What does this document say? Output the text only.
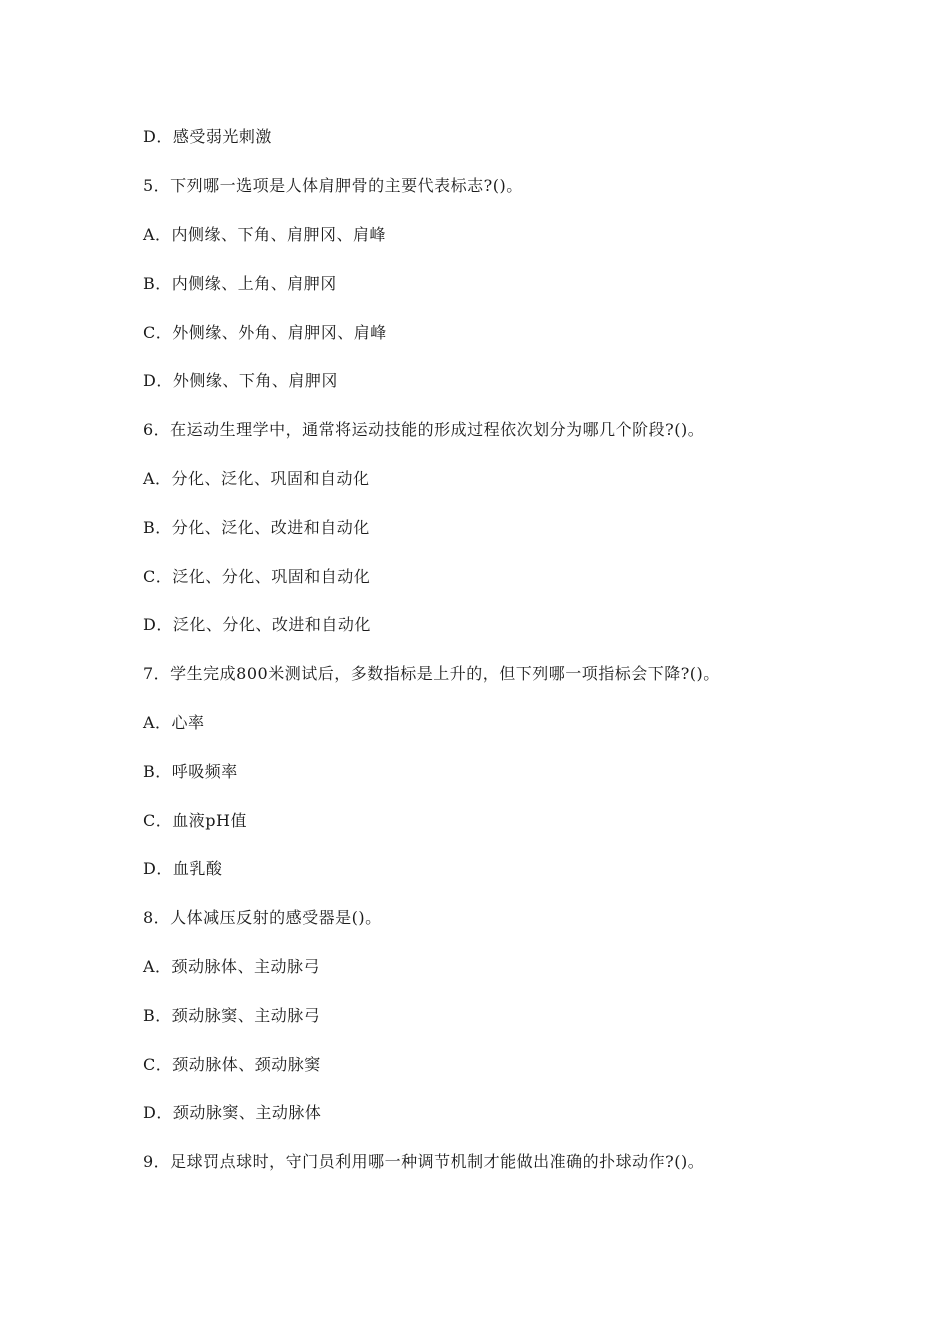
D．感受弱光刺激
5．下列哪一选项是人体肩胛骨的主要代表标志?()。
A．内侧缘、下角、肩胛冈、肩峰
B．内侧缘、上角、肩胛冈
C．外侧缘、外角、肩胛冈、肩峰
D．外侧缘、下角、肩胛冈
6．在运动生理学中，通常将运动技能的形成过程依次划分为哪几个阶段?()。
A．分化、泛化、巩固和自动化
B．分化、泛化、改进和自动化
C．泛化、分化、巩固和自动化
D．泛化、分化、改进和自动化
7．学生完成800米测试后，多数指标是上升的，但下列哪一项指标会下降?()。
A．心率
B．呼吸频率
C．血液pH值
D．血乳酸
8．人体减压反射的感受器是()。
A．颈动脉体、主动脉弓
B．颈动脉窦、主动脉弓
C．颈动脉体、颈动脉窦
D．颈动脉窦、主动脉体
9．足球罚点球时，守门员利用哪一种调节机制才能做出准确的扑球动作?()。
